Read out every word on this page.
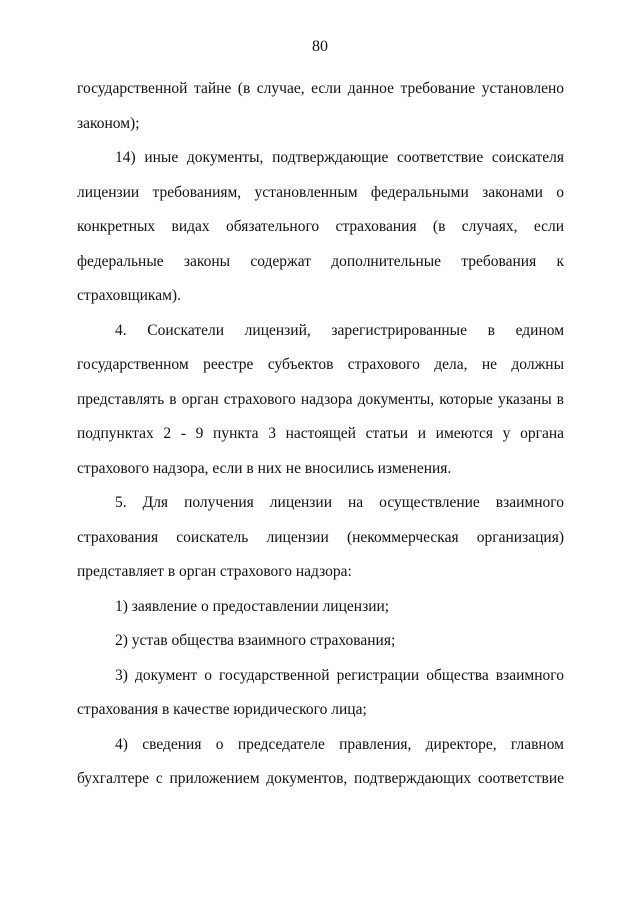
80

государственной тайне (в случае, если данное требование установлено законом);

14) иные документы, подтверждающие соответствие соискателя лицензии требованиям, установленным федеральными законами о конкретных видах обязательного страхования (в случаях, если федеральные законы содержат дополнительные требования к страховщикам).

4. Соискатели лицензий, зарегистрированные в едином государственном реестре субъектов страхового дела, не должны представлять в орган страхового надзора документы, которые указаны в подпунктах 2 - 9 пункта 3 настоящей статьи и имеются у органа страхового надзора, если в них не вносились изменения.

5. Для получения лицензии на осуществление взаимного страхования соискатель лицензии (некоммерческая организация) представляет в орган страхового надзора:

1) заявление о предоставлении лицензии;

2) устав общества взаимного страхования;

3) документ о государственной регистрации общества взаимного страхования в качестве юридического лица;

4) сведения о председателе правления, директоре, главном бухгалтере с приложением документов, подтверждающих соответствие
